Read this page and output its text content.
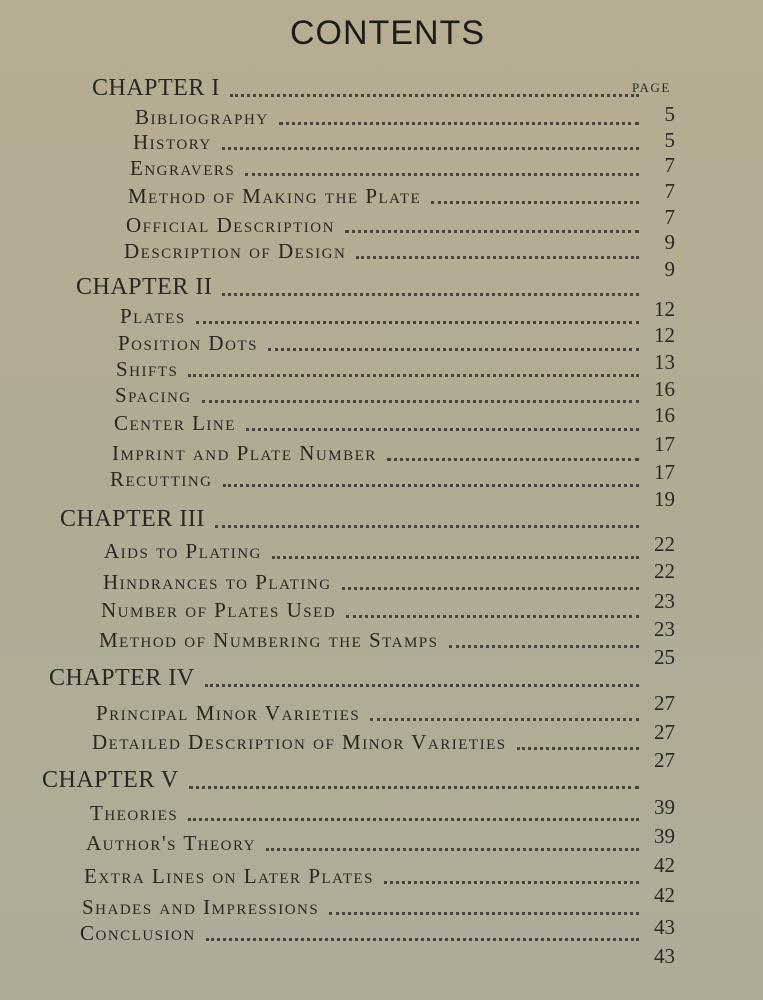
CONTENTS
PAGE
CHAPTER I
Bibliography
History
Engravers
Method of Making the Plate
Official Description
Description of Design
CHAPTER II
Plates
Position Dots
Shifts
Spacing
Center Line
Imprint and Plate Number
Recutting
CHAPTER III
Aids to Plating
Hindrances to Plating
Number of Plates Used
Method of Numbering the Stamps
CHAPTER IV
Principal Minor Varieties
Detailed Description of Minor Varieties
CHAPTER V
Theories
Author's Theory
Extra Lines on Later Plates
Shades and Impressions
Conclusion
5
5
7
7
7
9
9
12
12
13
16
16
17
17
19
22
22
23
23
25
27
27
27
39
39
42
42
43
43
